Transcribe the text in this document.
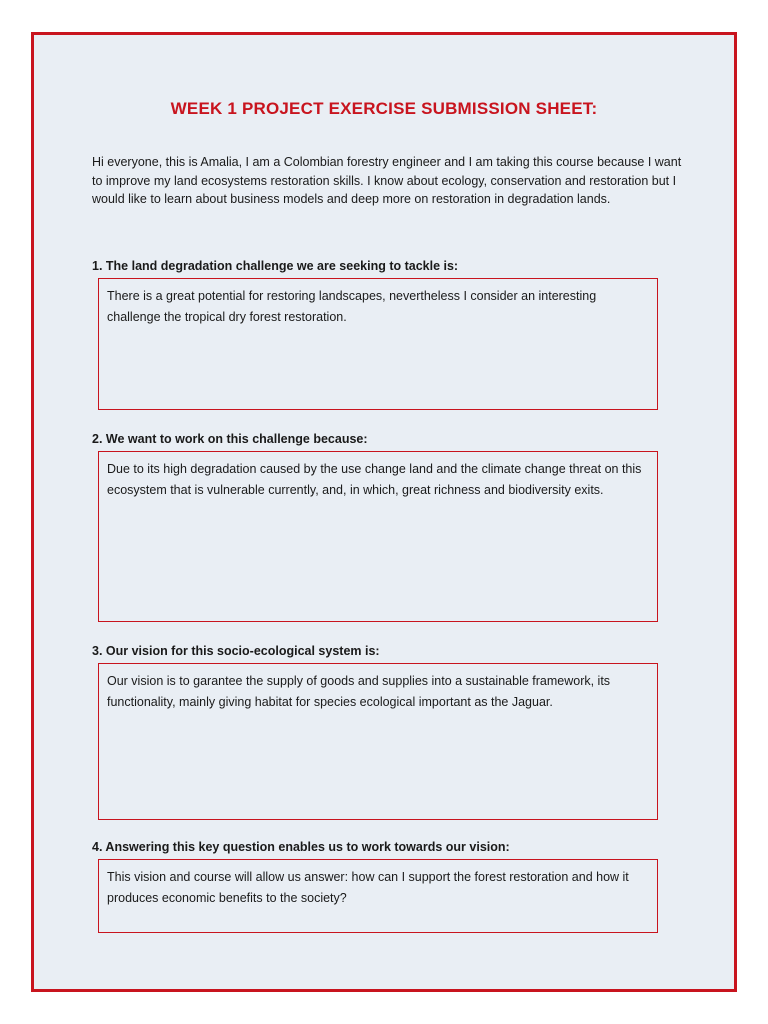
WEEK 1 PROJECT EXERCISE SUBMISSION SHEET:
Hi everyone, this is Amalia, I am a Colombian forestry engineer and I am taking this course because I want to improve my land ecosystems restoration skills. I know about ecology, conservation and restoration but I would like to learn about business models and deep more on restoration in degradation lands.
1. The land degradation challenge we are seeking to tackle is:
There is a great potential for restoring landscapes, nevertheless I consider an interesting challenge the tropical dry forest restoration.
2. We want to work on this challenge because:
Due to its high degradation caused by the use change land and the climate change threat on this ecosystem that is vulnerable currently, and, in which, great richness and biodiversity exits.
3. Our vision for this socio-ecological system is:
Our vision is to garantee the supply of goods and supplies into a sustainable framework, its functionality, mainly giving habitat for species ecological important as the Jaguar.
4. Answering this key question enables us to work towards our vision:
This vision and course will allow us answer: how can I support the forest restoration and how it produces economic benefits to the society?
